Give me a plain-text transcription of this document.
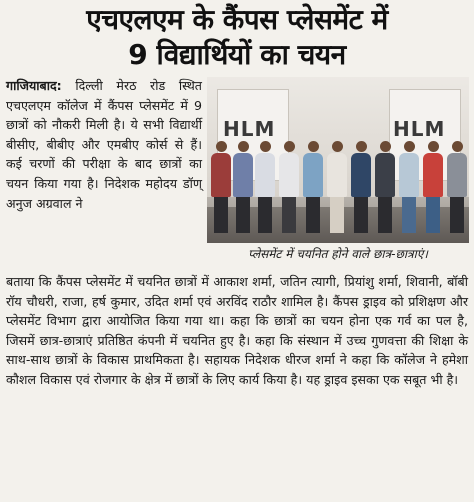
एचएलएम के कैंपस प्लेसमेंट में
9 विद्यार्थियों का चयन

गाजियाबाद: दिल्ली मेरठ रोड स्थित एचएलएम कॉलेज में कैंपस प्लेसमेंट में 9 छात्रों को नौकरी मिली है। ये सभी विद्यार्थी बीसीए, बीबीए और एमबीए कोर्स से हैं। कई चरणों की परीक्षा के बाद छात्रों का चयन किया गया है। निदेशक महोदय डॉण् अनुज अग्रवाल ने

HLM	HLM
प्लेसमेंट में चयनित होने वाले छात्र-छात्राएं।

बताया कि कैंपस प्लेसमेंट में चयनित छात्रों में आकाश शर्मा, जतिन त्यागी, प्रियांशु शर्मा, शिवानी, बॉबी रॉय चौधरी, राजा, हर्ष कुमार, उदित शर्मा एवं अरविंद राठौर शामिल है। कैंपस ड्राइव को प्रशिक्षण और प्लेसमेंट विभाग द्वारा आयोजित किया गया था। कहा कि छात्रों का चयन होना एक गर्व का पल है, जिसमें छात्र-छात्राएं प्रतिष्ठित कंपनी में चयनित हुए है। कहा कि संस्थान में उच्च गुणवत्ता की शिक्षा के साथ-साथ छात्रों के विकास प्राथमिकता है। सहायक निदेशक धीरज शर्मा ने कहा कि कॉलेज ने हमेशा कौशल विकास एवं रोजगार के क्षेत्र में छात्रों के लिए कार्य किया है। यह ड्राइव इसका एक सबूत भी है।
